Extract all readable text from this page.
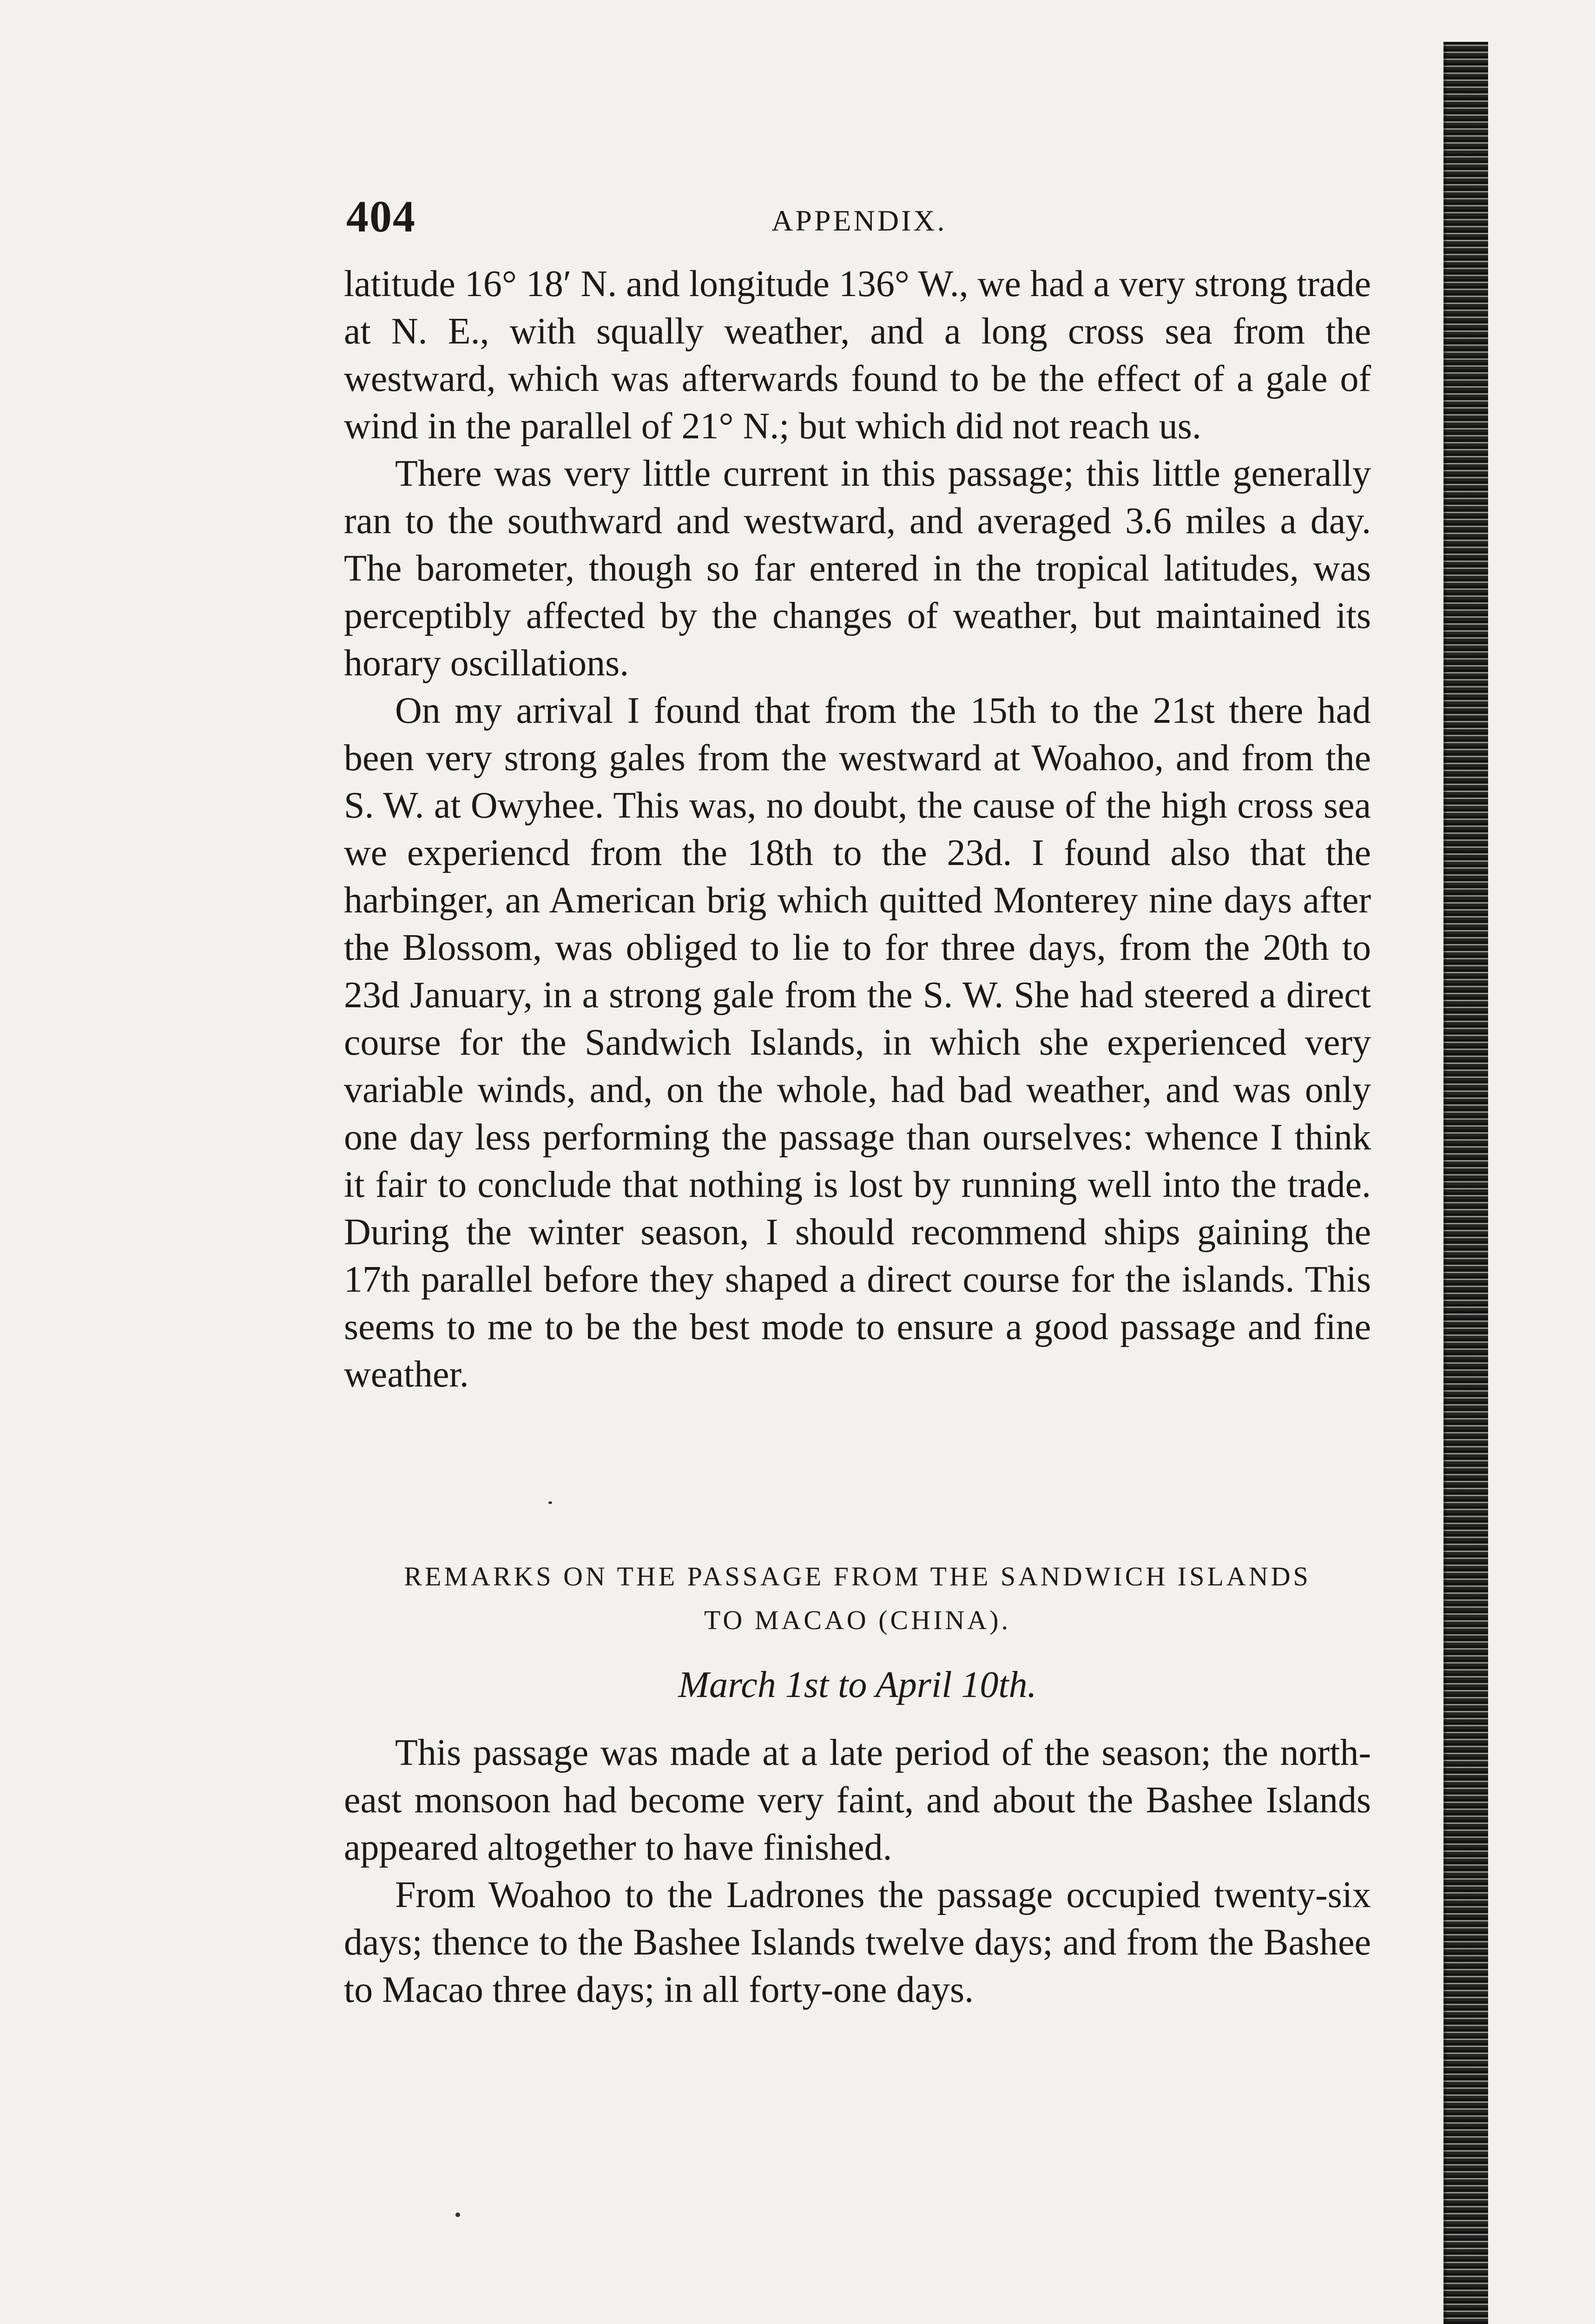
404	APPENDIX.

latitude 16° 18′ N. and longitude 136° W., we had a very strong trade at N. E., with squally weather, and a long cross sea from the westward, which was afterwards found to be the effect of a gale of wind in the parallel of 21° N.; but which did not reach us.

There was very little current in this passage; this little generally ran to the southward and westward, and averaged 3.6 miles a day. The barometer, though so far entered in the tropical latitudes, was perceptibly affected by the changes of weather, but maintained its horary oscillations.

On my arrival I found that from the 15th to the 21st there had been very strong gales from the westward at Woahoo, and from the S. W. at Owyhee. This was, no doubt, the cause of the high cross sea we experiencd from the 18th to the 23d. I found also that the harbinger, an American brig which quitted Monterey nine days after the Blossom, was obliged to lie to for three days, from the 20th to 23d January, in a strong gale from the S. W. She had steered a direct course for the Sandwich Islands, in which she experienced very variable winds, and, on the whole, had bad weather, and was only one day less performing the passage than ourselves: whence I think it fair to conclude that nothing is lost by running well into the trade. During the winter season, I should recommend ships gaining the 17th parallel before they shaped a direct course for the islands. This seems to me to be the best mode to ensure a good passage and fine weather.

REMARKS ON THE PASSAGE FROM THE SANDWICH ISLANDS
TO MACAO (CHINA).
March 1st to April 10th.

This passage was made at a late period of the season; the north-east monsoon had become very faint, and about the Bashee Islands appeared altogether to have finished.

From Woahoo to the Ladrones the passage occupied twenty-six days; thence to the Bashee Islands twelve days; and from the Bashee to Macao three days; in all forty-one days.
